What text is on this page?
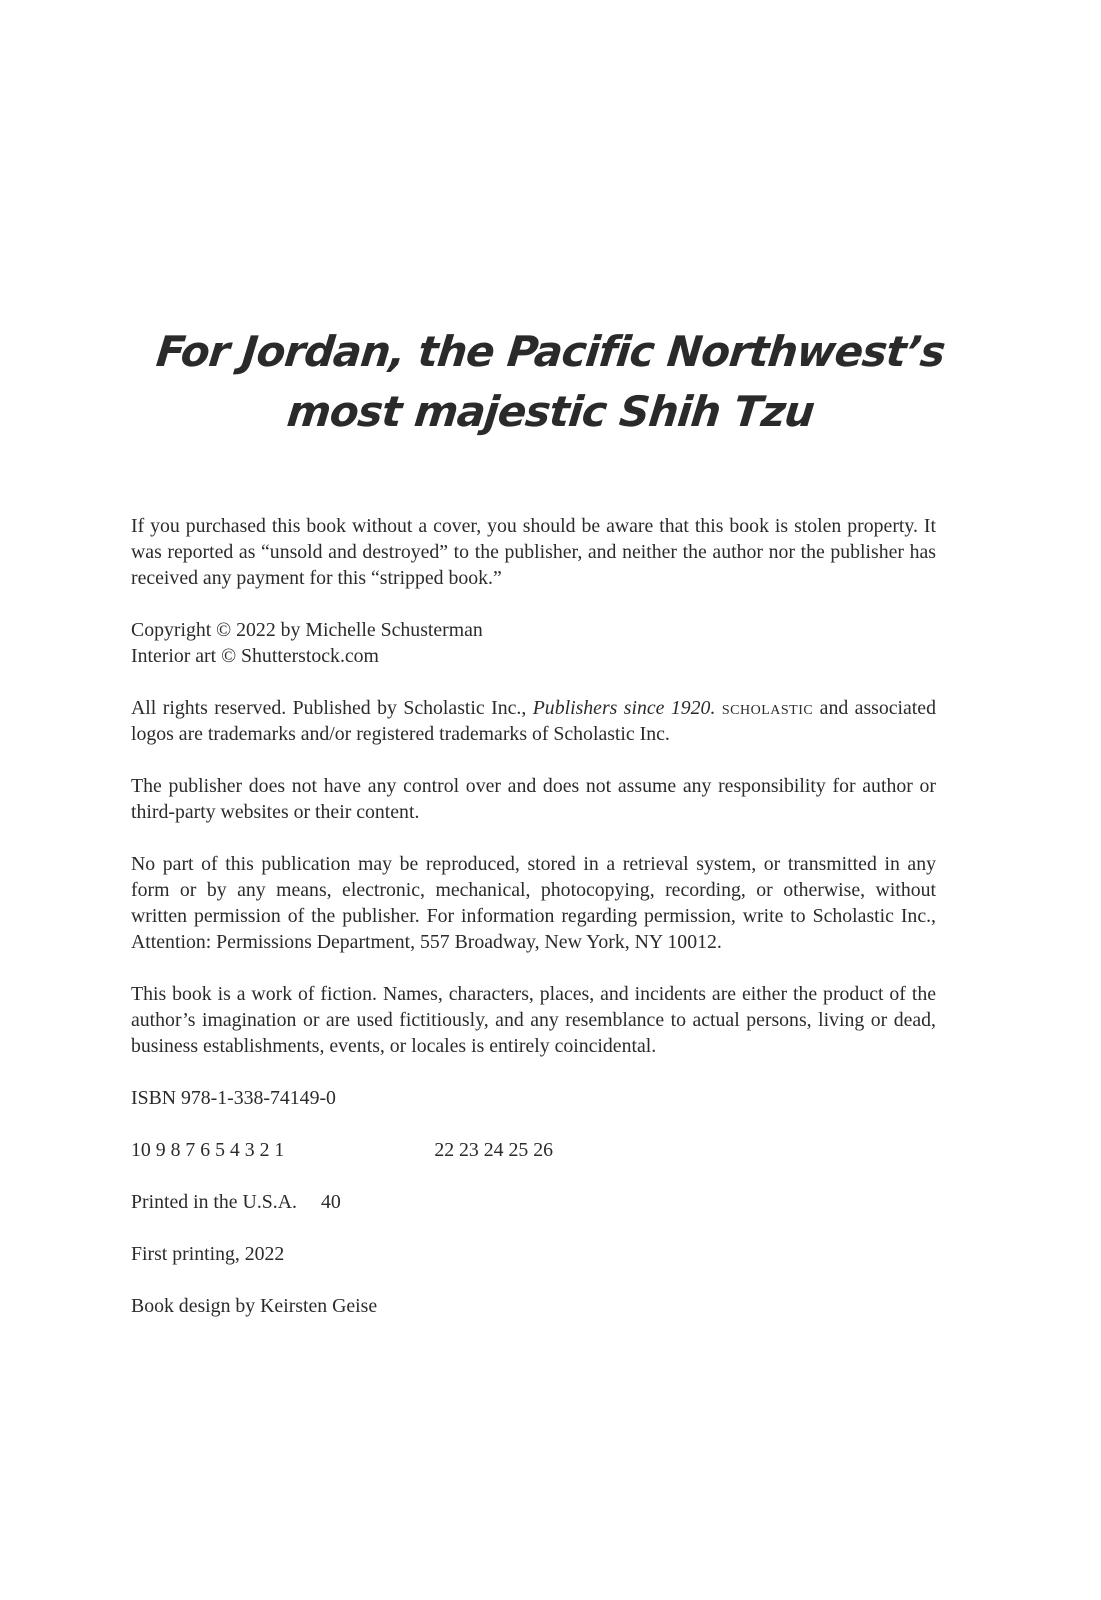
For Jordan, the Pacific Northwest’s
most majestic Shih Tzu

If you purchased this book without a cover, you should be aware that this book is stolen property. It was reported as “unsold and destroyed” to the publisher, and neither the author nor the publisher has received any payment for this “stripped book.”

Copyright © 2022 by Michelle Schusterman
Interior art © Shutterstock.com

All rights reserved. Published by Scholastic Inc., Publishers since 1920. scholastic and associated logos are trademarks and/or registered trademarks of Scholastic Inc.

The publisher does not have any control over and does not assume any responsibility for author or third-party websites or their content.

No part of this publication may be reproduced, stored in a retrieval system, or transmitted in any form or by any means, electronic, mechanical, photocopying, recording, or otherwise, without written permission of the publisher. For information regarding permission, write to Scholastic Inc., Attention: Permissions Department, 557 Broadway, New York, NY 10012.

This book is a work of fiction. Names, characters, places, and incidents are either the product of the author’s imagination or are used fictitiously, and any resemblance to actual persons, living or dead, business establishments, events, or locales is entirely coincidental.

ISBN 978-1-338-74149-0

10 9 8 7 6 5 4 3 2 1	22 23 24 25 26

Printed in the U.S.A. 40

First printing, 2022

Book design by Keirsten Geise
